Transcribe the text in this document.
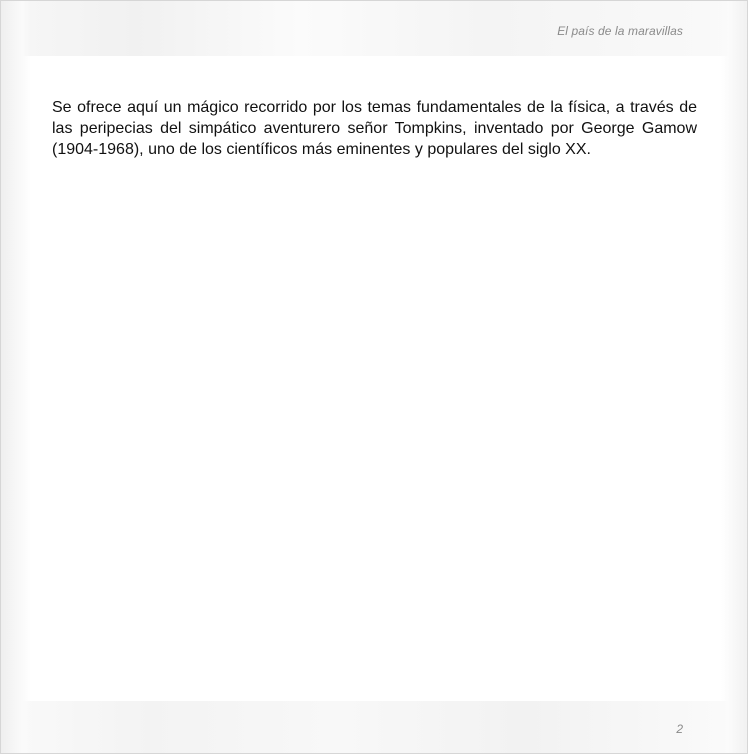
El país de la maravillas

Se ofrece aquí un mágico recorrido por los temas fundamentales de la física, a través de las peripecias del simpático aventurero señor Tompkins, inventado por George Gamow (1904-1968), uno de los científicos más eminentes y populares del siglo XX.

2
